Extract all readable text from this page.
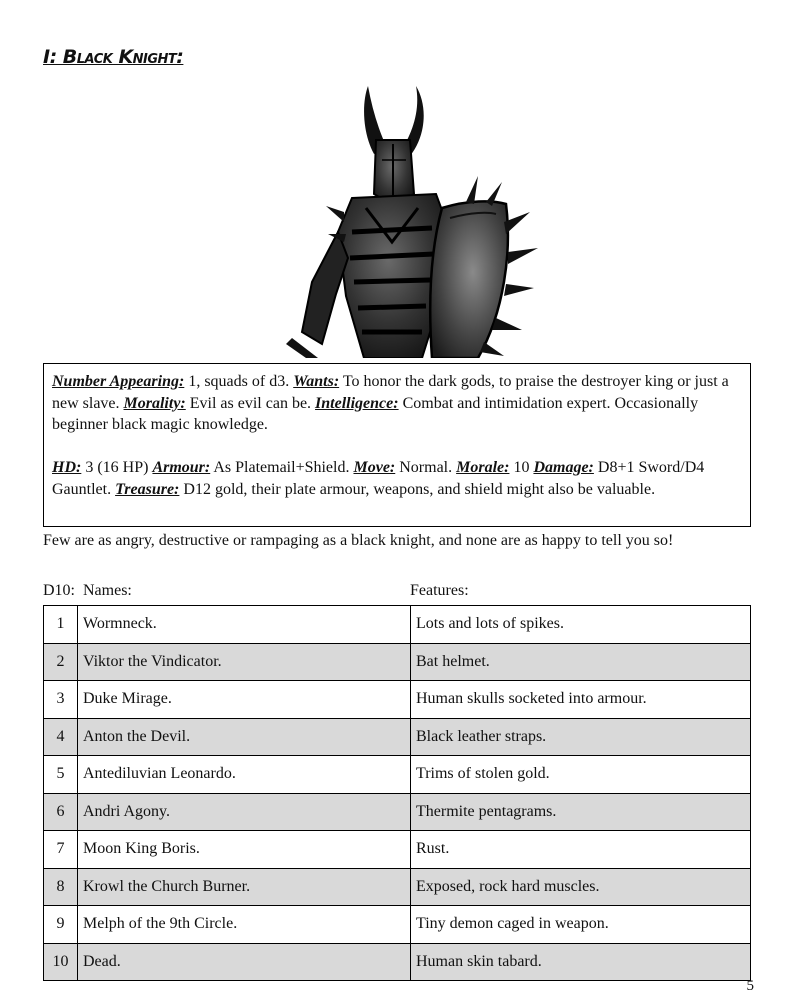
I: Black Knight:

Number Appearing: 1, squads of d3. Wants: To honor the dark gods, to praise the destroyer king or just a new slave. Morality: Evil as evil can be. Intelligence: Combat and intimidation expert. Occasionally beginner black magic knowledge.

HD: 3 (16 HP) Armour: As Platemail+Shield. Move: Normal. Morale: 10 Damage: D8+1 Sword/D4 Gauntlet. Treasure: D12 gold, their plate armour, weapons, and shield might also be valuable.

Few are as angry, destructive or rampaging as a black knight, and none are as happy to tell you so!

D10: Names:	Features:
1	Wormneck.	Lots and lots of spikes.
2	Viktor the Vindicator.	Bat helmet.
3	Duke Mirage.	Human skulls socketed into armour.
4	Anton the Devil.	Black leather straps.
5	Antediluvian Leonardo.	Trims of stolen gold.
6	Andri Agony.	Thermite pentagrams.
7	Moon King Boris.	Rust.
8	Krowl the Church Burner.	Exposed, rock hard muscles.
9	Melph of the 9th Circle.	Tiny demon caged in weapon.
10	Dead.	Human skin tabard.
5
